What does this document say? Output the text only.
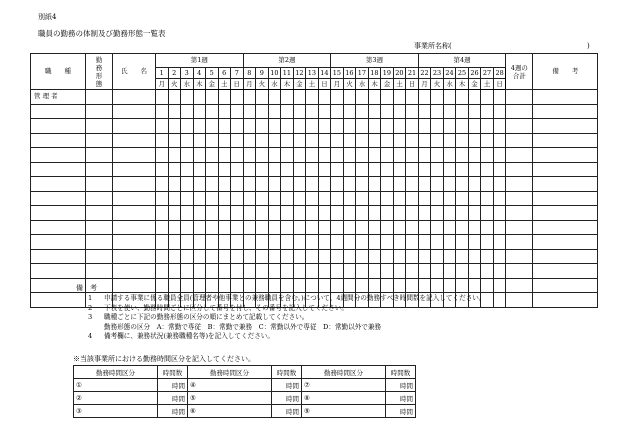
別紙4
職員の勤務の体制及び勤務形態一覧表
事業所名称(	)
職　　種	勤務形態	氏　　名	第1週							第2週							第3週							第4週							4週の合計	備　　考
			1	2	3	4	5	6	7	8	9	10	11	12	13	14	15	16	17	18	19	20	21	22	23	24	25	26	27	28		
			月	火	水	木	金	土	日	月	火	水	木	金	土	日	月	火	水	木	金	土	日	月	火	水	木	金	土	日		
管 理 者																																

備　考
1 申請する事業に係る職員全員(管理者や他事業との兼務職員を含む。)について、4週間分の勤務すべき時間数を記入してください。
2 下表を使い、勤務時間ごとに区分して番号を付し、その番号を記入してください。
3 職種ごとに下記の勤務形態の区分の順にまとめて記載してください。
勤務形態の区分　A：常勤で専従　B：常勤で兼務　C：常勤以外で専従　D：常勤以外で兼務
4 備考欄に、兼務状況(兼務職種名等)を記入してください。
※当該事業所における勤務時間区分を記入してください。
勤務時間区分	時間数	勤務時間区分	時間数	勤務時間区分	時間数
①	時間	④	時間	⑦	時間
②	時間	⑤	時間	⑧	時間
③	時間	⑥	時間	⑨	時間
